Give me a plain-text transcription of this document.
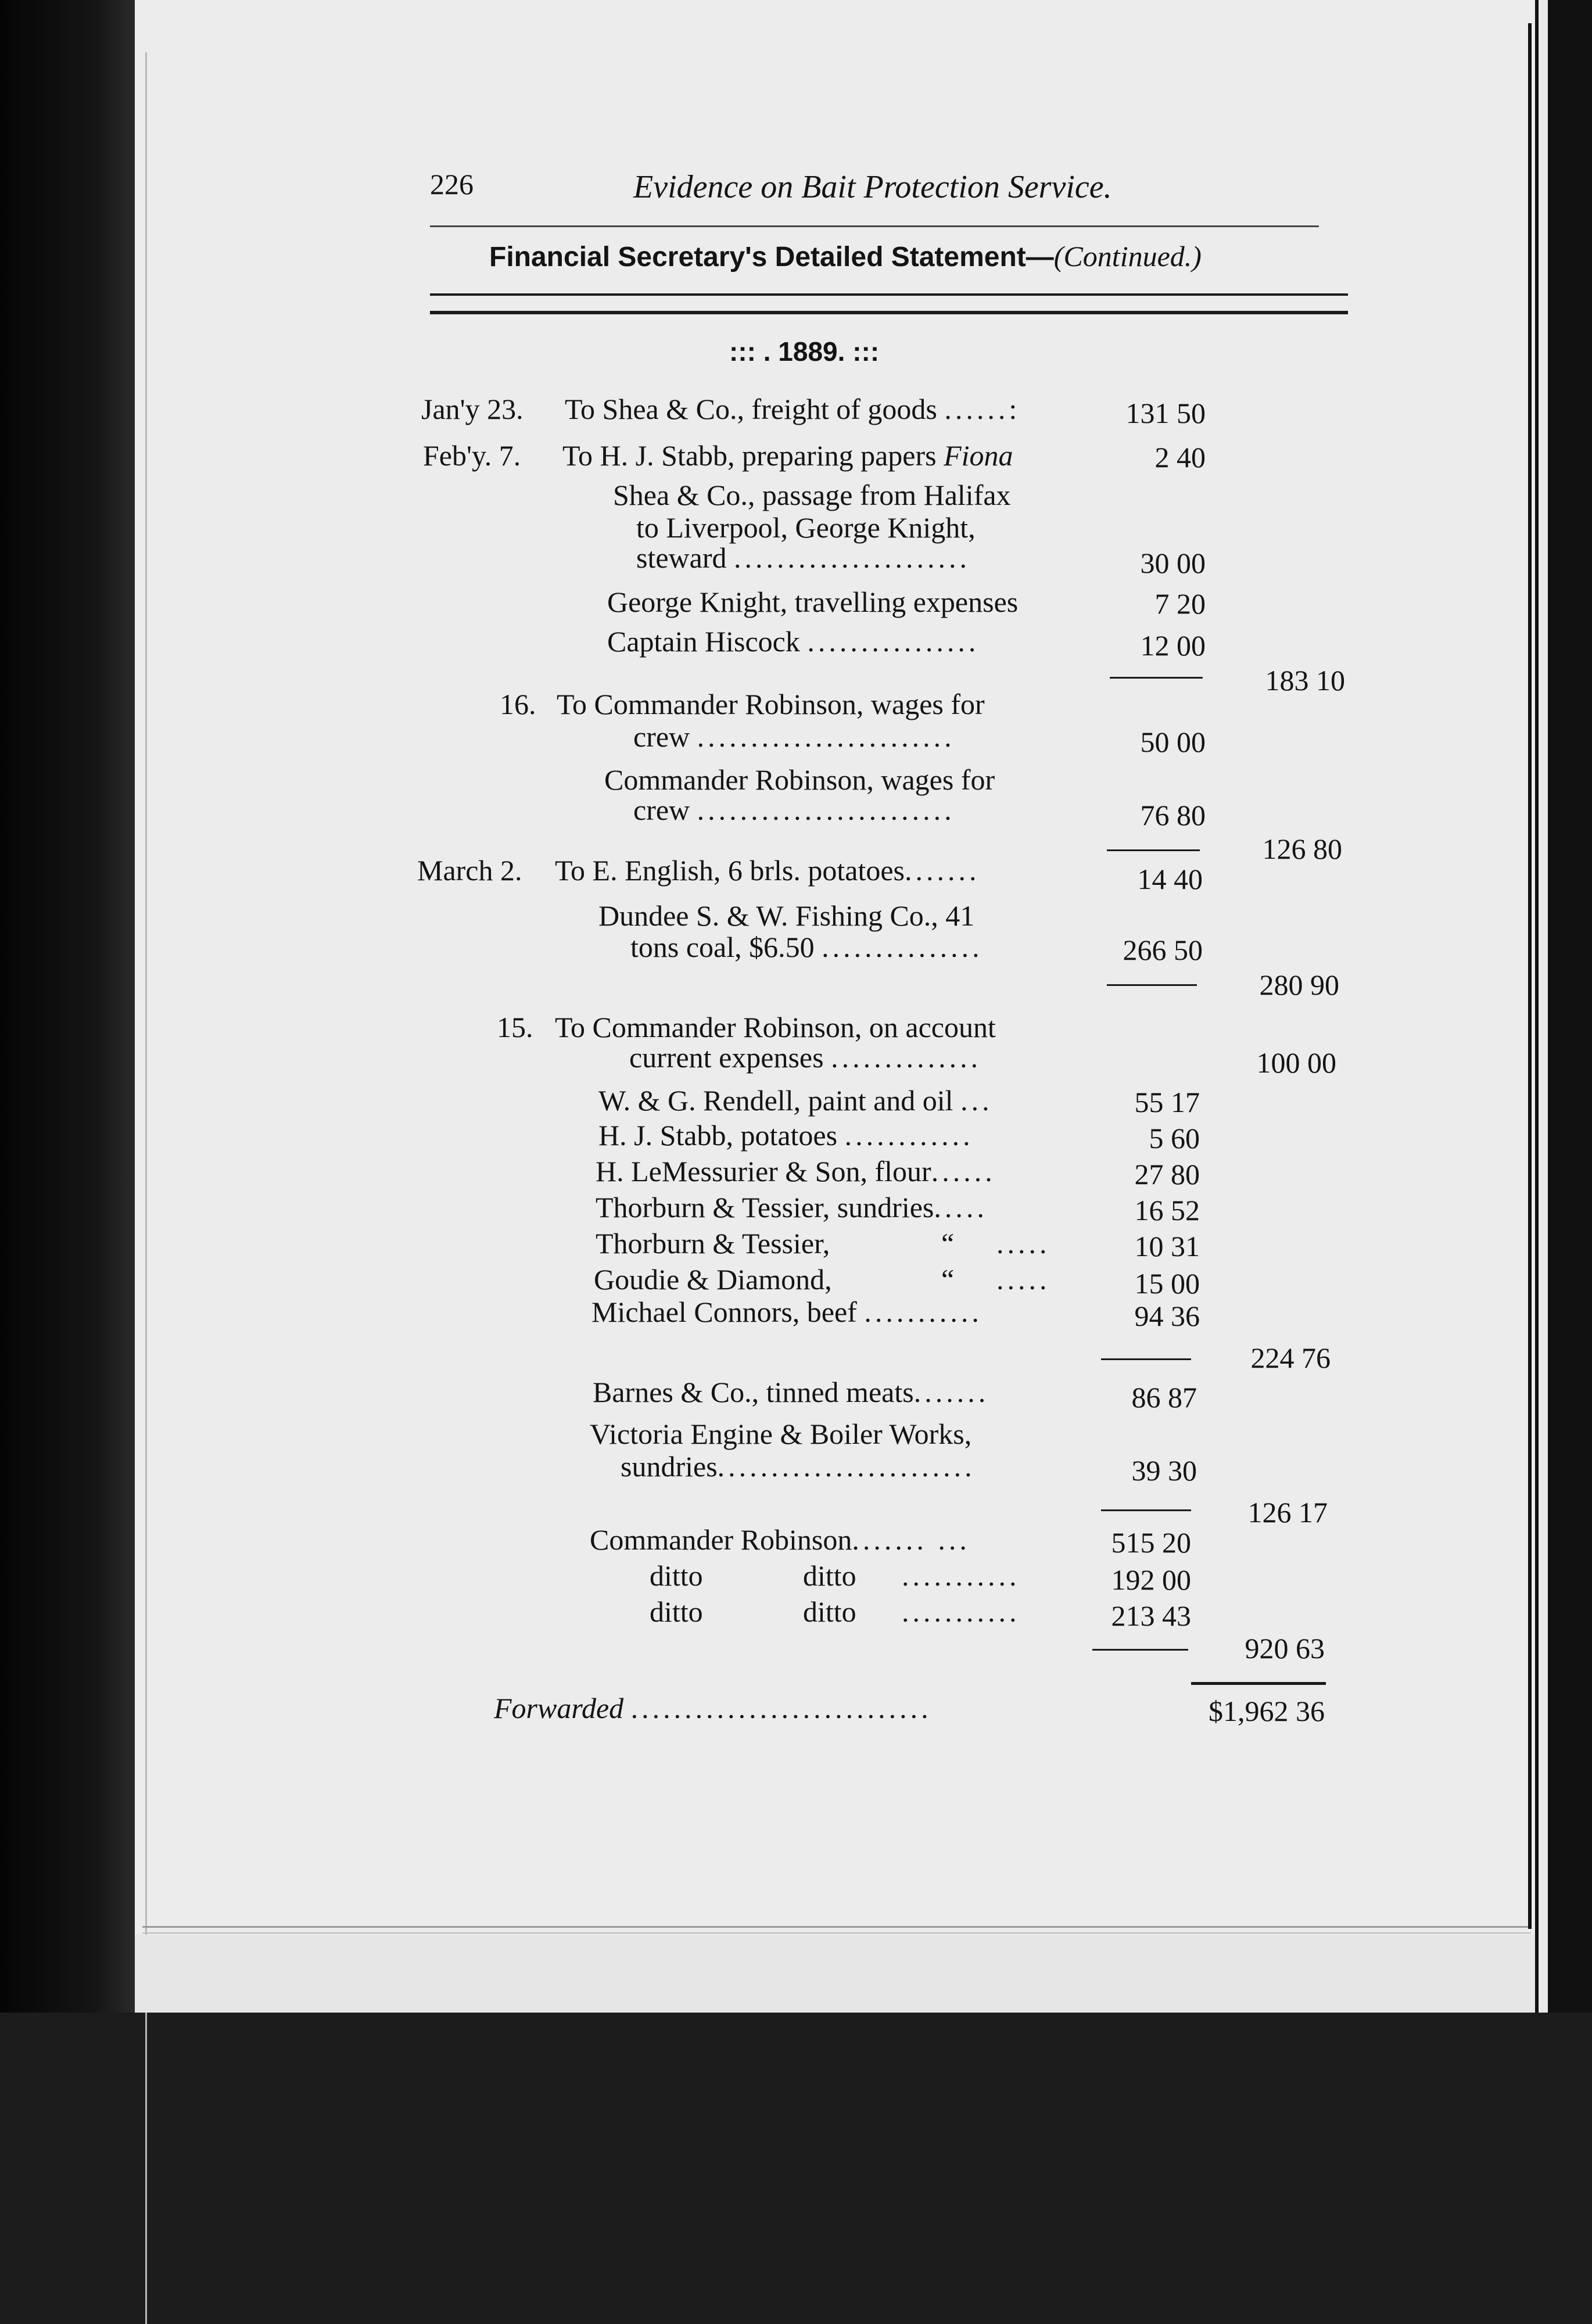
226	Evidence on Bait Protection Service.
Financial Secretary's Detailed Statement—(Continued.)
::: . 1889. :::
Jan'y 23. To Shea & Co., freight of goods ......:	131 50
Feb'y. 7. To H. J. Stabb, preparing papers Fiona	2 40
Shea & Co., passage from Halifax
to Liverpool, George Knight,
steward ......................	30 00
George Knight, travelling expenses	7 20
Captain Hiscock ................	12 00
183 10
16. To Commander Robinson, wages for
crew ........................	50 00
Commander Robinson, wages for
crew ........................	76 80
126 80
March 2. To E. English, 6 brls. potatoes.......	14 40
Dundee S. & W. Fishing Co., 41
tons coal, $6.50 ...............	266 50
280 90
15. To Commander Robinson, on account
current expenses ..............	100 00
W. & G. Rendell, paint and oil ...	55 17
H. J. Stabb, potatoes ............	5 60
H. LeMessurier & Son, flour......	27 80
Thorburn & Tessier, sundries.....	16 52
Thorburn & Tessier,	“ .....	10 31
Goudie & Diamond,	“ .....	15 00
Michael Connors, beef ...........	94 36
224 76
Barnes & Co., tinned meats.......	86 87
Victoria Engine & Boiler Works,
sundries........................	39 30
126 17
Commander Robinson....... ...	515 20
ditto	ditto ...........	192 00
ditto	ditto ...........	213 43
920 63
Forwarded ............................	$1,962 36
